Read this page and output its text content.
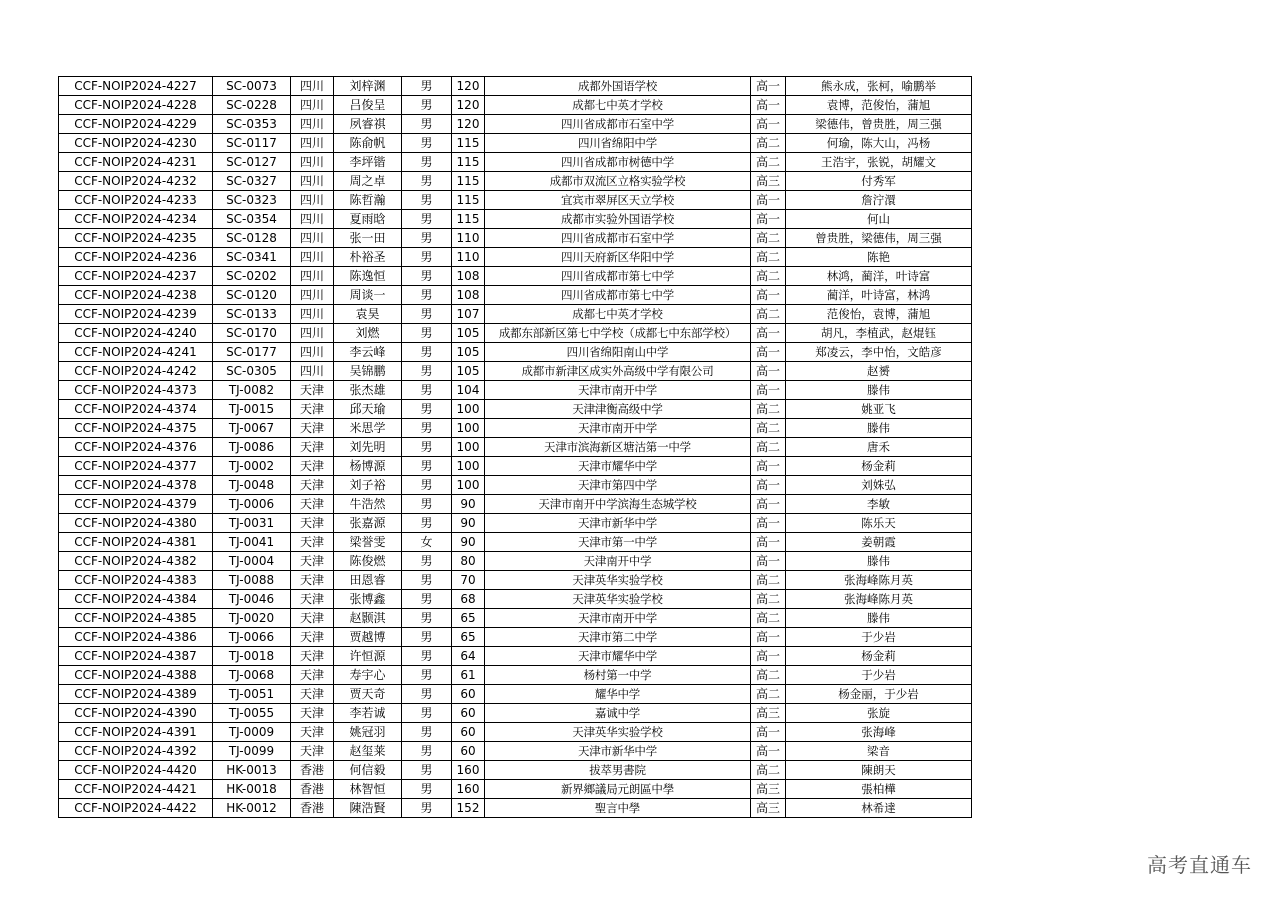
CCF-NOIP2024-4227	SC-0073	四川	刘梓渊	男	120	成都外国语学校	高一	熊永成，张柯，喻鹏举
CCF-NOIP2024-4228	SC-0228	四川	吕俊呈	男	120	成都七中英才学校	高一	袁博，范俊怡，蒲旭
CCF-NOIP2024-4229	SC-0353	四川	夙睿祺	男	120	四川省成都市石室中学	高一	梁德伟，曾贵胜，周三强
CCF-NOIP2024-4230	SC-0117	四川	陈俞帆	男	115	四川省绵阳中学	高二	何瑜，陈大山，冯杨
CCF-NOIP2024-4231	SC-0127	四川	李坪锴	男	115	四川省成都市树德中学	高二	王浩宇，张锐，胡耀文
CCF-NOIP2024-4232	SC-0327	四川	周之卓	男	115	成都市双流区立格实验学校	高三	付秀军
CCF-NOIP2024-4233	SC-0323	四川	陈哲瀚	男	115	宜宾市翠屏区天立学校	高一	詹泞澴
CCF-NOIP2024-4234	SC-0354	四川	夏雨晗	男	115	成都市实验外国语学校	高一	何山
CCF-NOIP2024-4235	SC-0128	四川	张一田	男	110	四川省成都市石室中学	高二	曾贵胜，梁德伟，周三强
CCF-NOIP2024-4236	SC-0341	四川	朴裕圣	男	110	四川天府新区华阳中学	高二	陈艳
CCF-NOIP2024-4237	SC-0202	四川	陈逸恒	男	108	四川省成都市第七中学	高二	林鸿，蔺洋，叶诗富
CCF-NOIP2024-4238	SC-0120	四川	周谈一	男	108	四川省成都市第七中学	高一	蔺洋，叶诗富，林鸿
CCF-NOIP2024-4239	SC-0133	四川	袁昊	男	107	成都七中英才学校	高二	范俊怡，袁博，蒲旭
CCF-NOIP2024-4240	SC-0170	四川	刘燃	男	105	成都东部新区第七中学校（成都七中东部学校）	高一	胡凡，李植武，赵焜钰
CCF-NOIP2024-4241	SC-0177	四川	李云峰	男	105	四川省绵阳南山中学	高一	郑凌云，李中怡，文皓彦
CCF-NOIP2024-4242	SC-0305	四川	吴锦鹏	男	105	成都市新津区成实外高级中学有限公司	高一	赵赟
CCF-NOIP2024-4373	TJ-0082	天津	张杰雄	男	104	天津市南开中学	高一	滕伟
CCF-NOIP2024-4374	TJ-0015	天津	邱天瑜	男	100	天津津衡高级中学	高二	姚亚飞
CCF-NOIP2024-4375	TJ-0067	天津	米思学	男	100	天津市南开中学	高二	滕伟
CCF-NOIP2024-4376	TJ-0086	天津	刘先明	男	100	天津市滨海新区塘沽第一中学	高二	唐禾
CCF-NOIP2024-4377	TJ-0002	天津	杨博源	男	100	天津市耀华中学	高一	杨金莉
CCF-NOIP2024-4378	TJ-0048	天津	刘子裕	男	100	天津市第四中学	高一	刘姝弘
CCF-NOIP2024-4379	TJ-0006	天津	牛浩然	男	90	天津市南开中学滨海生态城学校	高一	李敏
CCF-NOIP2024-4380	TJ-0031	天津	张嘉源	男	90	天津市新华中学	高一	陈乐天
CCF-NOIP2024-4381	TJ-0041	天津	梁誉雯	女	90	天津市第一中学	高一	姜朝霞
CCF-NOIP2024-4382	TJ-0004	天津	陈俊燃	男	80	天津南开中学	高一	滕伟
CCF-NOIP2024-4383	TJ-0088	天津	田恩睿	男	70	天津英华实验学校	高二	张海峰陈月英
CCF-NOIP2024-4384	TJ-0046	天津	张博鑫	男	68	天津英华实验学校	高二	张海峰陈月英
CCF-NOIP2024-4385	TJ-0020	天津	赵颢淇	男	65	天津市南开中学	高二	滕伟
CCF-NOIP2024-4386	TJ-0066	天津	贾越博	男	65	天津市第二中学	高一	于少岩
CCF-NOIP2024-4387	TJ-0018	天津	许恒源	男	64	天津市耀华中学	高一	杨金莉
CCF-NOIP2024-4388	TJ-0068	天津	寿宇心	男	61	杨村第一中学	高二	于少岩
CCF-NOIP2024-4389	TJ-0051	天津	贾天奇	男	60	耀华中学	高二	杨金丽，于少岩
CCF-NOIP2024-4390	TJ-0055	天津	李若诚	男	60	嘉诚中学	高三	张旋
CCF-NOIP2024-4391	TJ-0009	天津	姚冠羽	男	60	天津英华实验学校	高一	张海峰
CCF-NOIP2024-4392	TJ-0099	天津	赵玺莱	男	60	天津市新华中学	高一	梁音
CCF-NOIP2024-4420	HK-0013	香港	何信毅	男	160	拔萃男書院	高二	陳朗天
CCF-NOIP2024-4421	HK-0018	香港	林智恒	男	160	新界鄉議局元朗區中學	高三	張柏樺
CCF-NOIP2024-4422	HK-0012	香港	陳浩賢	男	152	聖言中學	高三	林希達
高考直通车
